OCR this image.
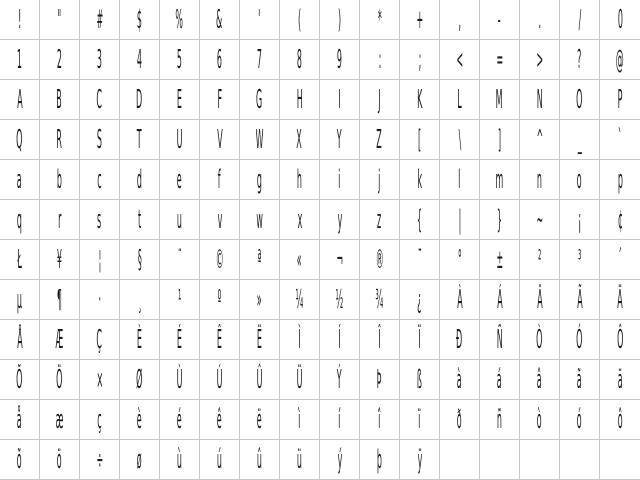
! " # $ % & ' ( ) * + , - . / 0
1 2 3 4 5 6 7 8 9 : ; < = > ? @
A B C D E F G H I J K L M N O P
Q R S T U V W X Y Z [ \ ] ^ _ `
a b c d e f g h i j k l m n o p
q r s t u v w x y z { | } ~ ¡ ¢
Ł ¥ ¦ § ¨ © ª « ¬ ® ¯ ° ± ² ³ ´
µ ¶ · ¸ ¹ º » ¼ ½ ¾ ¿ À Á Â Ã Ä
Å Æ Ç È É Ê Ë Ì Í Î Ï Ð Ñ Ò Ó Ô
Õ Ö × Ø Ù Ú Û Ü Ý Þ ß à á â ã ä
å æ ç è é ê ë ì í î ï ð ñ ò ó ô
õ ö ÷ ø ù ú û ü ý þ ÿ
